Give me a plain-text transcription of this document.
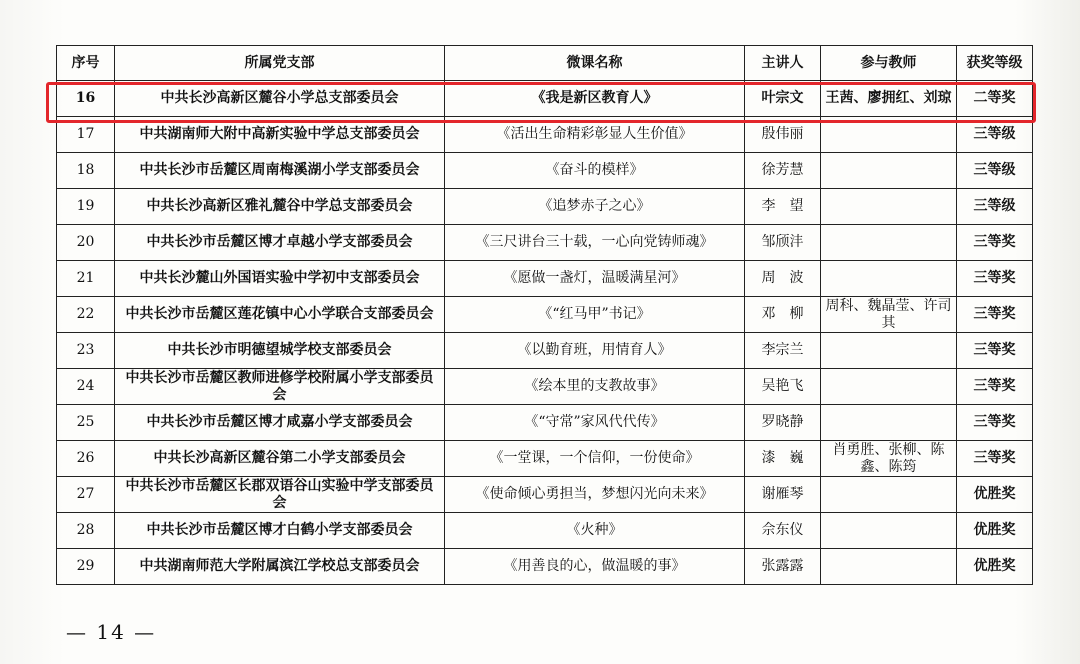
序号	所属党支部	微课名称	主讲人	参与教师	获奖等级
16	中共长沙高新区麓谷小学总支部委员会	《我是新区教育人》	叶宗文	王茜、廖拥红、刘琼	二等奖
17	中共湖南师大附中高新实验中学总支部委员会	《活出生命精彩彰显人生价值》	殷伟丽		三等级
18	中共长沙市岳麓区周南梅溪湖小学支部委员会	《奋斗的模样》	徐芳慧		三等级
19	中共长沙高新区雅礼麓谷中学总支部委员会	《追梦赤子之心》	李　望		三等级
20	中共长沙市岳麓区博才卓越小学支部委员会	《三尺讲台三十载，一心向党铸师魂》	邹颀沣		三等奖
21	中共长沙麓山外国语实验中学初中支部委员会	《愿做一盏灯，温暖满星河》	周　波		三等奖
22	中共长沙市岳麓区莲花镇中心小学联合支部委员会	《“红马甲”书记》	邓　柳	周科、魏晶莹、许司其	三等奖
23	中共长沙市明德望城学校支部委员会	《以勤育班，用情育人》	李宗兰		三等奖
24	中共长沙市岳麓区教师进修学校附属小学支部委员会	《绘本里的支教故事》	吴艳飞		三等奖
25	中共长沙市岳麓区博才咸嘉小学支部委员会	《“守常”家风代代传》	罗晓静		三等奖
26	中共长沙高新区麓谷第二小学支部委员会	《一堂课，一个信仰，一份使命》	漆　巍	肖勇胜、张柳、陈鑫、陈筠	三等奖
27	中共长沙市岳麓区长郡双语谷山实验中学支部委员会	《使命倾心勇担当，梦想闪光向未来》	谢雁琴		优胜奖
28	中共长沙市岳麓区博才白鹤小学支部委员会	《火种》	佘东仪		优胜奖
29	中共湖南师范大学附属滨江学校总支部委员会	《用善良的心，做温暖的事》	张露露		优胜奖
— 14 —
